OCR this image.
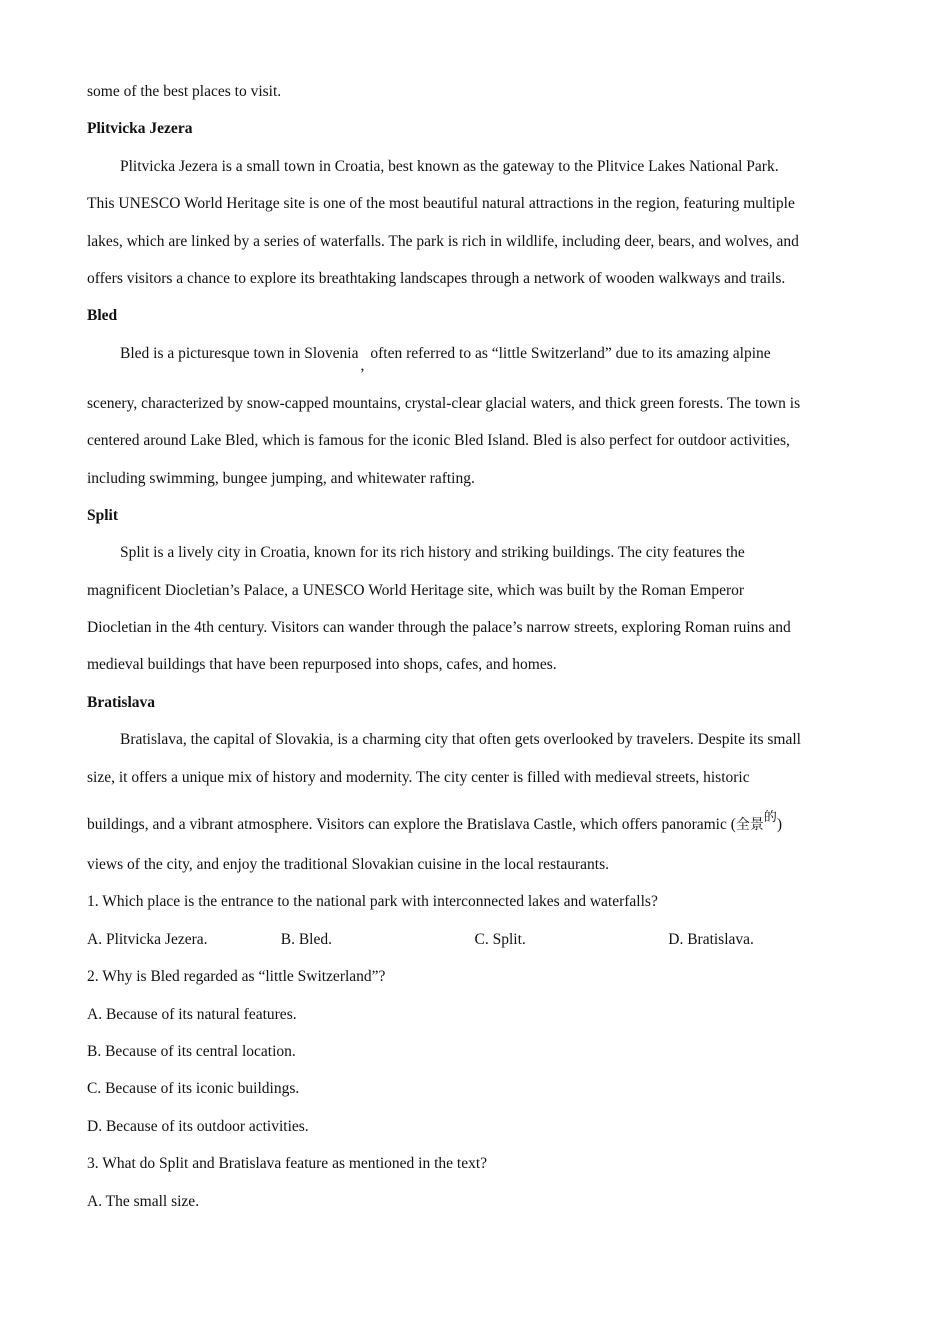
some of the best places to visit.
Plitvicka Jezera
Plitvicka Jezera is a small town in Croatia, best known as the gateway to the Plitvice Lakes National Park.
This UNESCO World Heritage site is one of the most beautiful natural attractions in the region, featuring multiple
lakes, which are linked by a series of waterfalls. The park is rich in wildlife, including deer, bears, and wolves, and
offers visitors a chance to explore its breathtaking landscapes through a network of wooden walkways and trails.
Bled
Bled is a picturesque town in Slovenia,often referred to as “little Switzerland” due to its amazing alpine
scenery, characterized by snow-capped mountains, crystal-clear glacial waters, and thick green forests. The town is
centered around Lake Bled, which is famous for the iconic Bled Island. Bled is also perfect for outdoor activities,
including swimming, bungee jumping, and whitewater rafting.
Split
Split is a lively city in Croatia, known for its rich history and striking buildings. The city features the
magnificent Diocletian’s Palace, a UNESCO World Heritage site, which was built by the Roman Emperor
Diocletian in the 4th century. Visitors can wander through the palace’s narrow streets, exploring Roman ruins and
medieval buildings that have been repurposed into shops, cafes, and homes.
Bratislava
Bratislava, the capital of Slovakia, is a charming city that often gets overlooked by travelers. Despite its small
size, it offers a unique mix of history and modernity. The city center is filled with medieval streets, historic
buildings, and a vibrant atmosphere. Visitors can explore the Bratislava Castle, which offers panoramic (全景$^的$)
views of the city, and enjoy the traditional Slovakian cuisine in the local restaurants.
1. Which place is the entrance to the national park with interconnected lakes and waterfalls?
A. Plitvicka Jezera.	B. Bled.	C. Split.	D. Bratislava.
2. Why is Bled regarded as “little Switzerland”?
A. Because of its natural features.
B. Because of its central location.
C. Because of its iconic buildings.
D. Because of its outdoor activities.
3. What do Split and Bratislava feature as mentioned in the text?
A. The small size.
